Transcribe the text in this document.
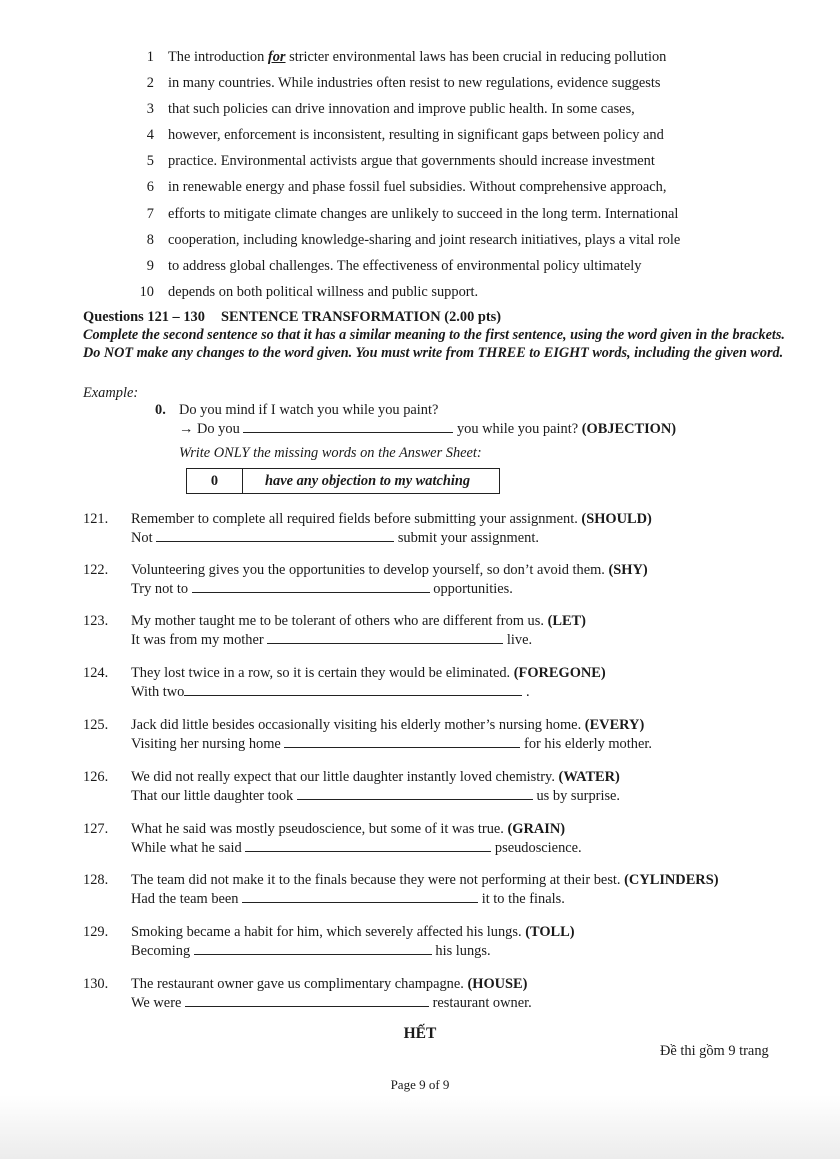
1 The introduction for stricter environmental laws has been crucial in reducing pollution
2 in many countries. While industries often resist to new regulations, evidence suggests
3 that such policies can drive innovation and improve public health. In some cases,
4 however, enforcement is inconsistent, resulting in significant gaps between policy and
5 practice. Environmental activists argue that governments should increase investment
6 in renewable energy and phase fossil fuel subsidies. Without comprehensive approach,
7 efforts to mitigate climate changes are unlikely to succeed in the long term. International
8 cooperation, including knowledge-sharing and joint research initiatives, plays a vital role
9 to address global challenges. The effectiveness of environmental policy ultimately
10 depends on both political willness and public support.
Questions 121 – 130 SENTENCE TRANSFORMATION (2.00 pts)
Complete the second sentence so that it has a similar meaning to the first sentence, using the word given in the brackets. Do NOT make any changes to the word given. You must write from THREE to EIGHT words, including the given word.
Example:
0. Do you mind if I watch you while you paint?
→ Do you	you while you paint? (OBJECTION)
Write ONLY the missing words on the Answer Sheet:
0	have any objection to my watching
121.	Remember to complete all required fields before submitting your assignment. (SHOULD)
Not	submit your assignment.
122.	Volunteering gives you the opportunities to develop yourself, so don’t avoid them. (SHY)
Try not to	opportunities.
123.	My mother taught me to be tolerant of others who are different from us. (LET)
It was from my mother	live.
124.	They lost twice in a row, so it is certain they would be eliminated. (FOREGONE)
With two	.
125.	Jack did little besides occasionally visiting his elderly mother’s nursing home. (EVERY)
Visiting her nursing home	for his elderly mother.
126.	We did not really expect that our little daughter instantly loved chemistry. (WATER)
That our little daughter took	us by surprise.
127.	What he said was mostly pseudoscience, but some of it was true. (GRAIN)
While what he said	pseudoscience.
128.	The team did not make it to the finals because they were not performing at their best. (CYLINDERS)
Had the team been	it to the finals.
129.	Smoking became a habit for him, which severely affected his lungs. (TOLL)
Becoming	his lungs.
130.	The restaurant owner gave us complimentary champagne. (HOUSE)
We were	restaurant owner.
HẾT
Đề thi gồm 9 trang
Page 9 of 9
